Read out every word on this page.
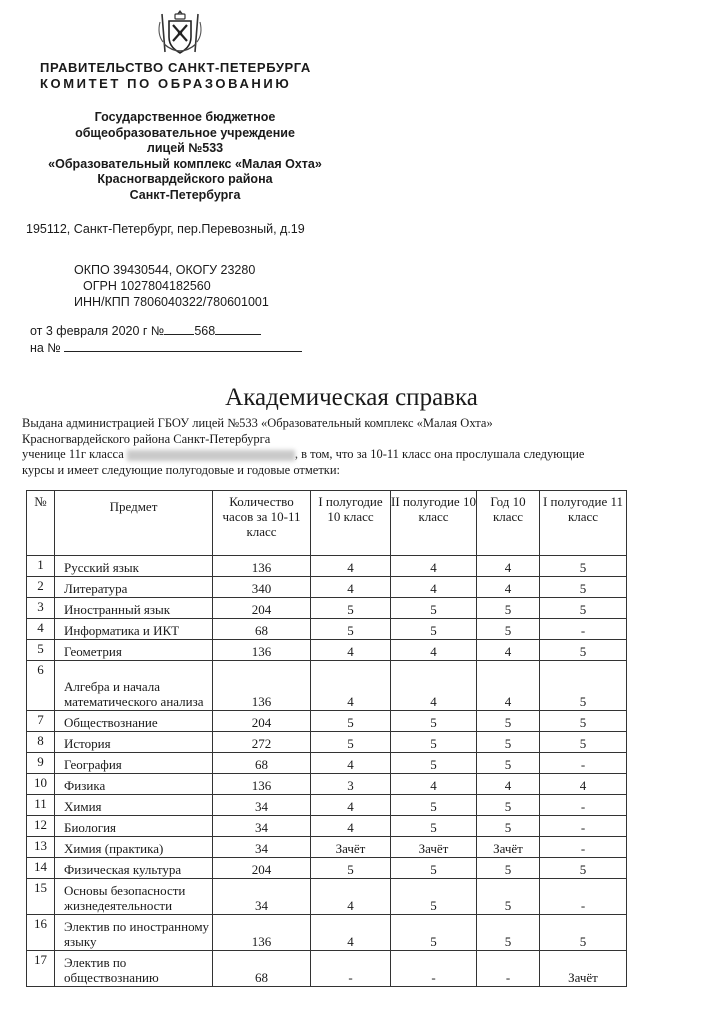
ПРАВИТЕЛЬСТВО САНКТ-ПЕТЕРБУРГА
КОМИТЕТ ПО ОБРАЗОВАНИЮ
Государственное бюджетное
общеобразовательное учреждение
лицей №533
«Образовательный комплекс «Малая Охта»
Красногвардейского района
Санкт-Петербурга
195112, Санкт-Петербург, пер.Перевозный, д.19
ОКПО 39430544, ОКОГУ 23280
ОГРН 1027804182560
ИНН/КПП 7806040322/780601001
от 3 февраля 2020 г № 568
на №
Академическая справка
Выдана администрацией ГБОУ лицей №533 «Образовательный комплекс «Малая Охта»
Красногвардейского района Санкт-Петербурга
ученице 11г класса	, в том, что за 10-11 класс она прослушала следующие
курсы и имеет следующие полугодовые и годовые отметки:
№	Предмет	Количество часов за 10-11 класс	I полугодие 10 класс	II полугодие 10 класс	Год 10 класс	I полугодие 11 класс
1	Русский язык	136	4	4	4	5
2	Литература	340	4	4	4	5
3	Иностранный язык	204	5	5	5	5
4	Информатика и ИКТ	68	5	5	5	-
5	Геометрия	136	4	4	4	5
6	Алгебра и начала математического анализа	136	4	4	4	5
7	Обществознание	204	5	5	5	5
8	История	272	5	5	5	5
9	География	68	4	5	5	-
10	Физика	136	3	4	4	4
11	Химия	34	4	5	5	-
12	Биология	34	4	5	5	-
13	Химия (практика)	34	Зачёт	Зачёт	Зачёт	-
14	Физическая культура	204	5	5	5	5
15	Основы безопасности жизнедеятельности	34	4	5	5	-
16	Электив по иностранному языку	136	4	5	5	5
17	Электив по обществознанию	68	-	-	-	Зачёт
